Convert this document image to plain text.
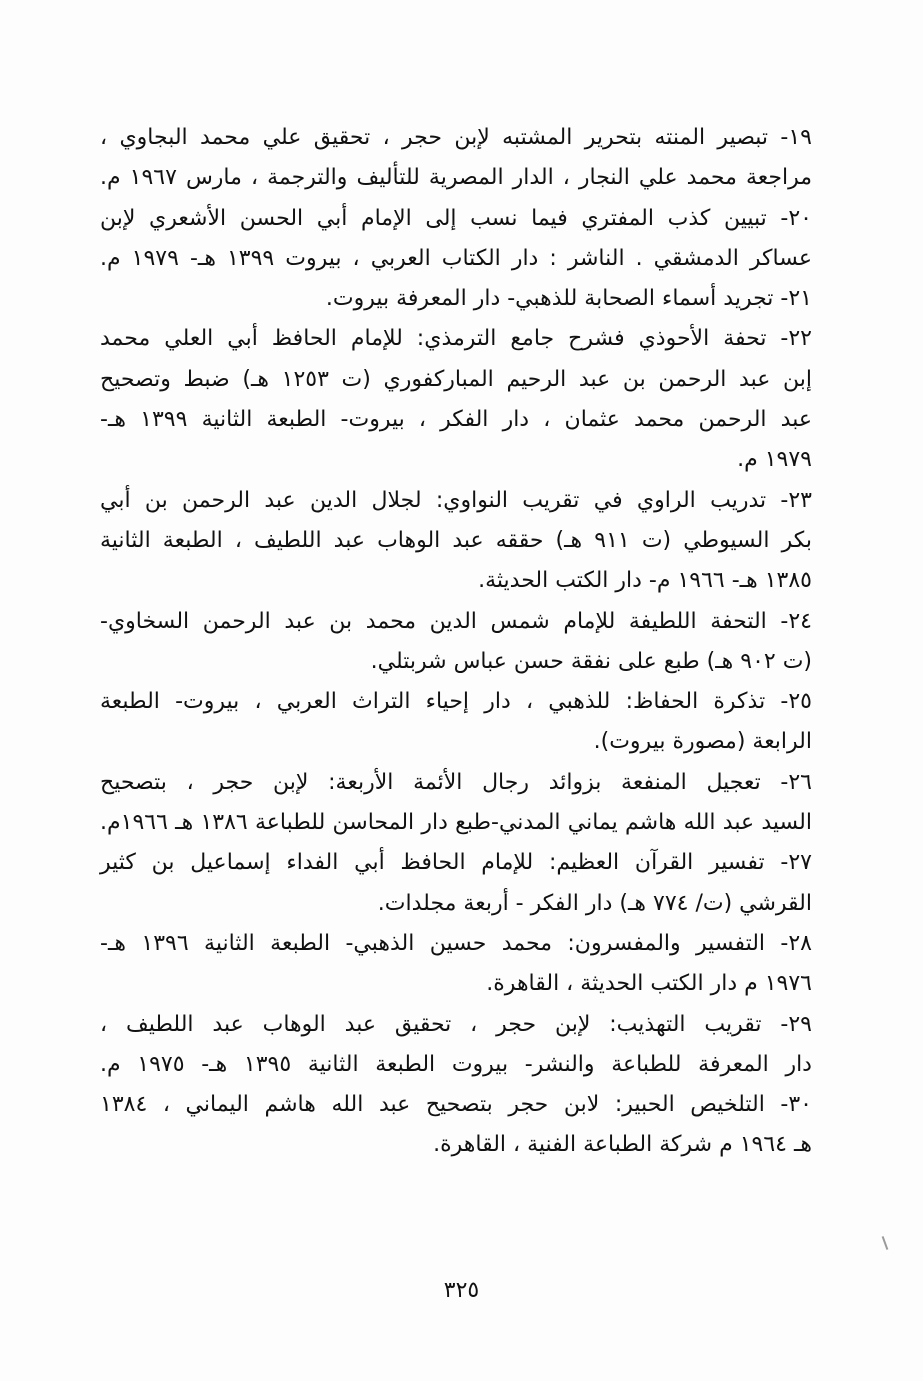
١٩- تبصير المنته بتحرير المشتبه لإبن حجر ، تحقيق علي محمد البجاوي ،
مراجعة محمد علي النجار ، الدار المصرية للتأليف والترجمة ، مارس ١٩٦٧ م.
٢٠- تبيين كذب المفتري فيما نسب إلى الإمام أبي الحسن الأشعري لإبن
عساكر الدمشقي . الناشر : دار الكتاب العربي ، بيروت ١٣٩٩ هـ- ١٩٧٩ م.
٢١- تجريد أسماء الصحابة للذهبي- دار المعرفة بيروت.
٢٢- تحفة الأحوذي فشرح جامع الترمذي: للإمام الحافظ أبي العلي محمد
إبن عبد الرحمن بن عبد الرحيم المباركفوري (ت ١٢٥٣ هـ) ضبط وتصحيح
عبد الرحمن محمد عثمان ، دار الفكر ، بيروت- الطبعة الثانية ١٣٩٩ هـ-
١٩٧٩ م.
٢٣- تدريب الراوي في تقريب النواوي: لجلال الدين عبد الرحمن بن أبي
بكر السيوطي (ت ٩١١ هـ) حققه عبد الوهاب عبد اللطيف ، الطبعة الثانية
١٣٨٥ هـ- ١٩٦٦ م- دار الكتب الحديثة.
٢٤- التحفة اللطيفة للإمام شمس الدين محمد بن عبد الرحمن السخاوي-
(ت ٩٠٢ هـ) طبع على نفقة حسن عباس شربتلي.
٢٥- تذكرة الحفاظ: للذهبي ، دار إحياء التراث العربي ، بيروت- الطبعة
الرابعة (مصورة بيروت).
٢٦- تعجيل المنفعة بزوائد رجال الأئمة الأربعة: لإبن حجر ، بتصحيح
السيد عبد الله هاشم يماني المدني-طبع دار المحاسن للطباعة ١٣٨٦ هـ ١٩٦٦م.
٢٧- تفسير القرآن العظيم: للإمام الحافظ أبي الفداء إسماعيل بن كثير
القرشي (ت/ ٧٧٤ هـ) دار الفكر - أربعة مجلدات.
٢٨- التفسير والمفسرون: محمد حسين الذهبي- الطبعة الثانية ١٣٩٦ هـ-
١٩٧٦ م دار الكتب الحديثة ، القاهرة.
٢٩- تقريب التهذيب: لإبن حجر ، تحقيق عبد الوهاب عبد اللطيف ،
دار المعرفة للطباعة والنشر- بيروت الطبعة الثانية ١٣٩٥ هـ- ١٩٧٥ م.
٣٠- التلخيص الحبير: لابن حجر بتصحيح عبد الله هاشم اليماني ، ١٣٨٤
هـ ١٩٦٤ م شركة الطباعة الفنية ، القاهرة.
٣٢٥
